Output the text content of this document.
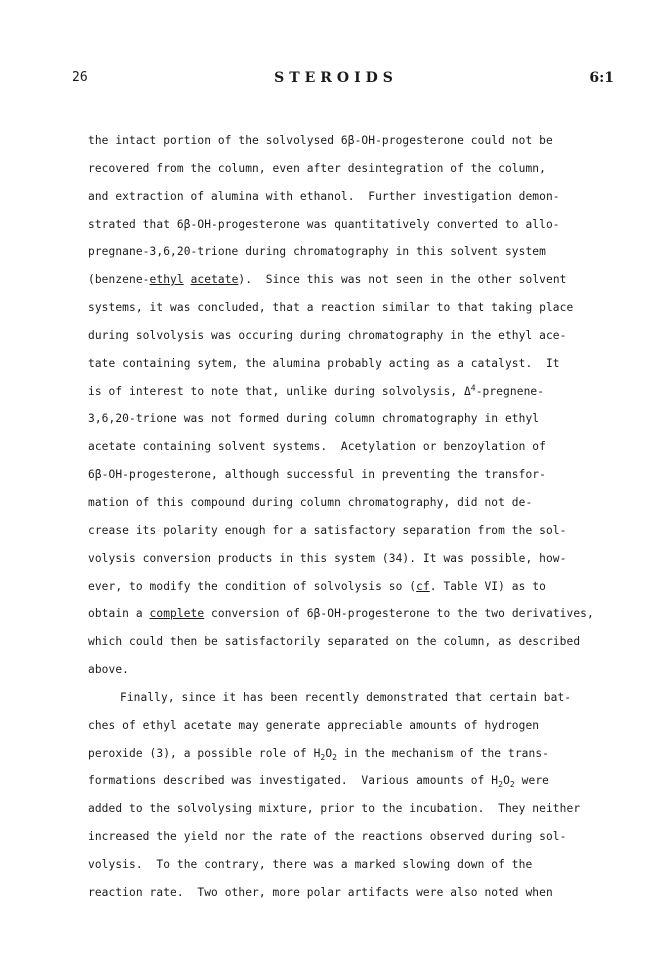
26	STEROIDS	6:1
the intact portion of the solvolysed 6β-OH-progesterone could not be
recovered from the column, even after desintegration of the column,
and extraction of alumina with ethanol.  Further investigation demon-
strated that 6β-OH-progesterone was quantitatively converted to allo-
pregnane-3,6,20-trione during chromatography in this solvent system
(benzene-ethyl acetate).  Since this was not seen in the other solvent
systems, it was concluded, that a reaction similar to that taking place
during solvolysis was occuring during chromatography in the ethyl ace-
tate containing sytem, the alumina probably acting as a catalyst.  It
is of interest to note that, unlike during solvolysis, $\Delta^4-pregnene-$
3,6,20-trione was not formed during column chromatography in ethyl
acetate containing solvent systems.  Acetylation or benzoylation of
6β-OH-progesterone, although successful in preventing the transfor-
mation of this compound during column chromatography, did not de-
crease its polarity enough for a satisfactory separation from the sol-
volysis conversion products in this system (34). It was possible, how-
ever, to modify the condition of solvolysis so (cf. Table VI) as to
obtain a complete conversion of 6β-OH-progesterone to the two derivatives,
which could then be satisfactorily separated on the column, as described
above.
Finally, since it has been recently demonstrated that certain bat-
ches of ethyl acetate may generate appreciable amounts of hydrogen
peroxide (3), a possible role of $H_2O_2$ in the mechanism of the trans-
formations described was investigated.  Various amounts of $H_2O_2$ were
added to the solvolysing mixture, prior to the incubation.  They neither
increased the yield nor the rate of the reactions observed during sol-
volysis.  To the contrary, there was a marked slowing down of the
reaction rate.  Two other, more polar artifacts were also noted when
